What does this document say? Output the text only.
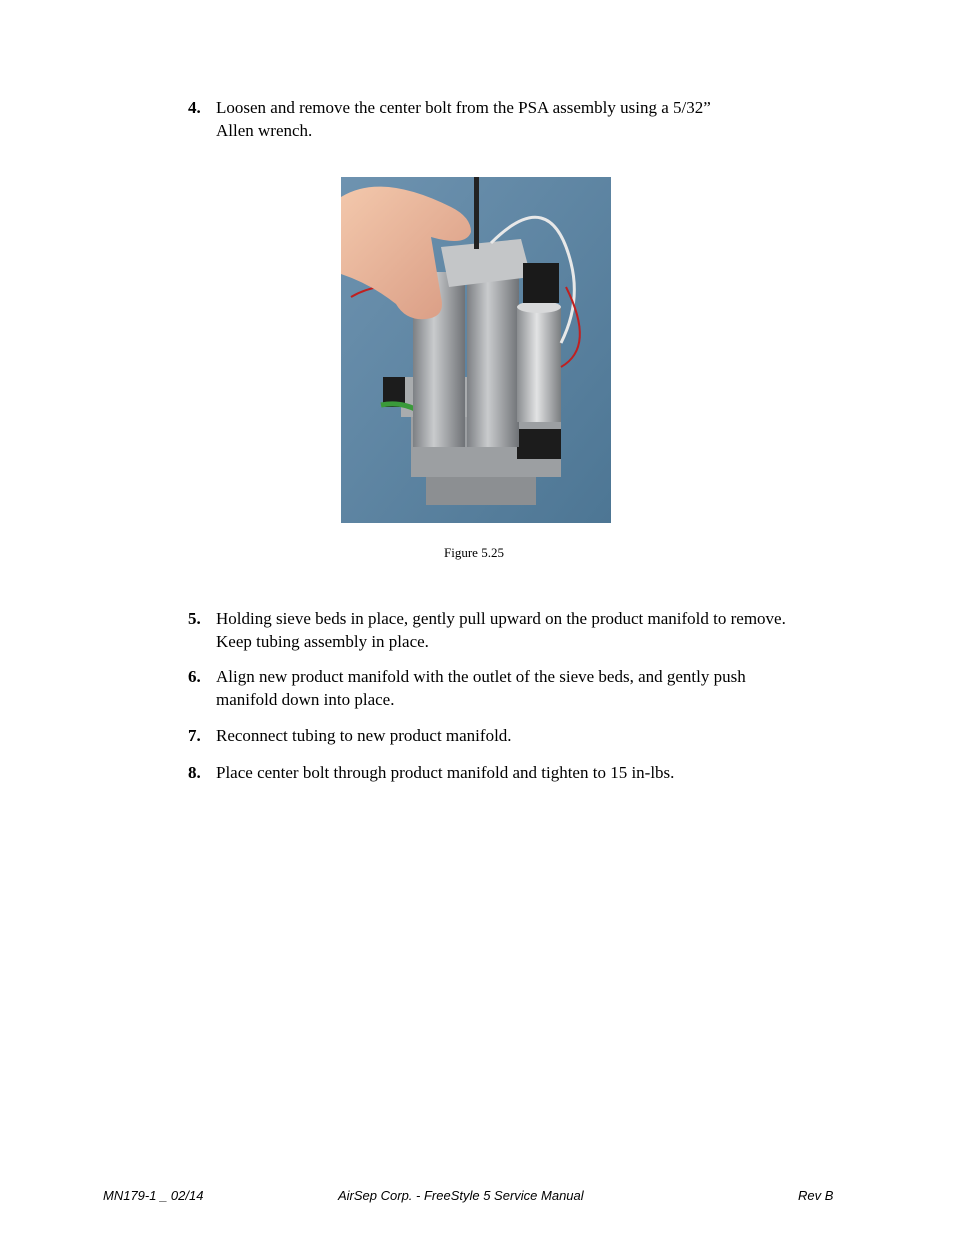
4. Loosen and remove the center bolt from the PSA assembly using a 5/32”
Allen wrench.
Figure 5.25
5. Holding sieve beds in place, gently pull upward on the product manifold to remove.
Keep tubing assembly in place.
6. Align new product manifold with the outlet of the sieve beds, and gently push
manifold down into place.
7. Reconnect tubing to new product manifold.
8. Place center bolt through product manifold and tighten to 15 in-lbs.
MN179-1 _ 02/14	AirSep Corp. - FreeStyle 5 Service Manual	Rev B
